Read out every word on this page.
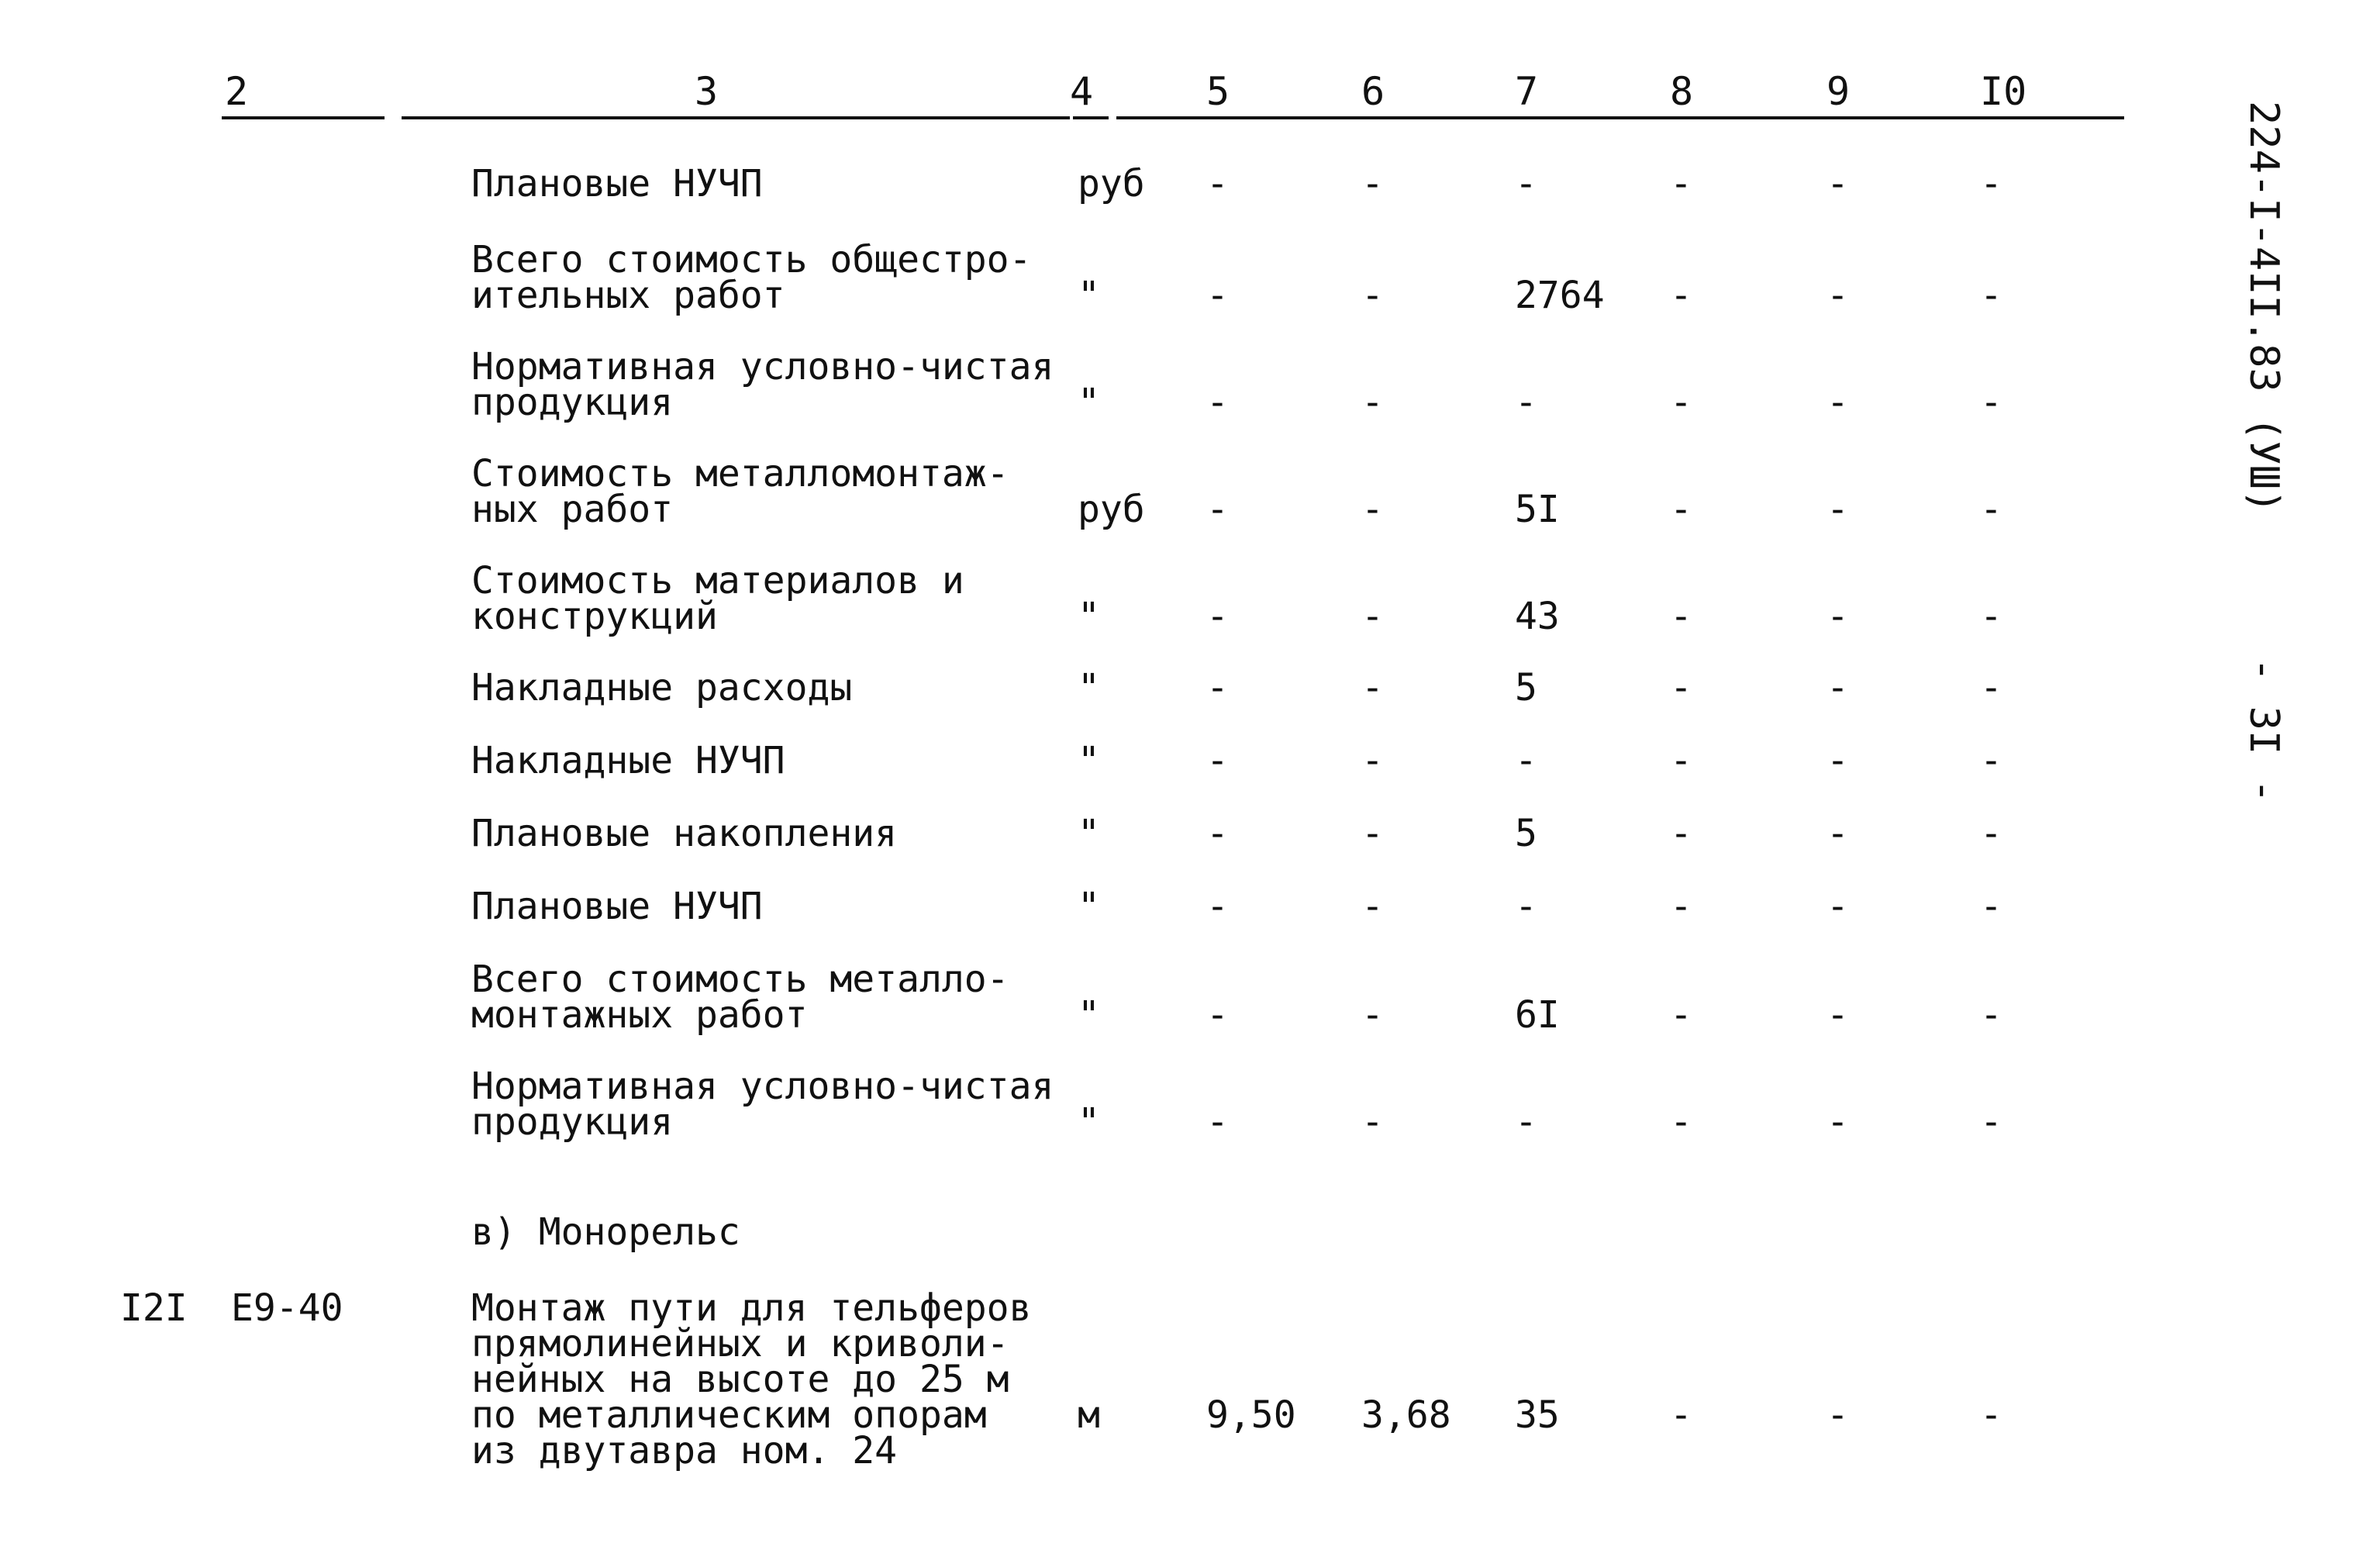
2	3	4	5	6	7	8	9	I0
Плановые НУЧП	руб -	-	-	-	-	-
Всего стоимость общестро-
ительных работ	"	-	-	2764 -	-	-
Нормативная условно-чистая
продукция	"	-	-	-	-	-	-
Стоимость металломонтаж-
ных работ	руб -	-	5I	-	-	-
Стоимость материалов и
конструкций	"	-	-	43	-	-	-
Накладные расходы	"	-	-	5	-	-	-
Накладные НУЧП	"	-	-	-	-	-	-
Плановые накопления	"	-	-	5	-	-	-
Плановые НУЧП	"	-	-	-	-	-	-
Всего стоимость металло-
монтажных работ	"	-	-	6I	-	-	-
Нормативная условно-чистая
продукция	"	-	-	-	-	-	-
в) Монорельс
I2I Е9-40	Монтаж пути для тельферов
прямолинейных и криволи-
нейных на высоте до 25 м
по металлическим опорам
из двутавра ном. 24
м	9,50 3,68 35	-	-	-
224-I-4II.83 (УШ)
- 3I -
